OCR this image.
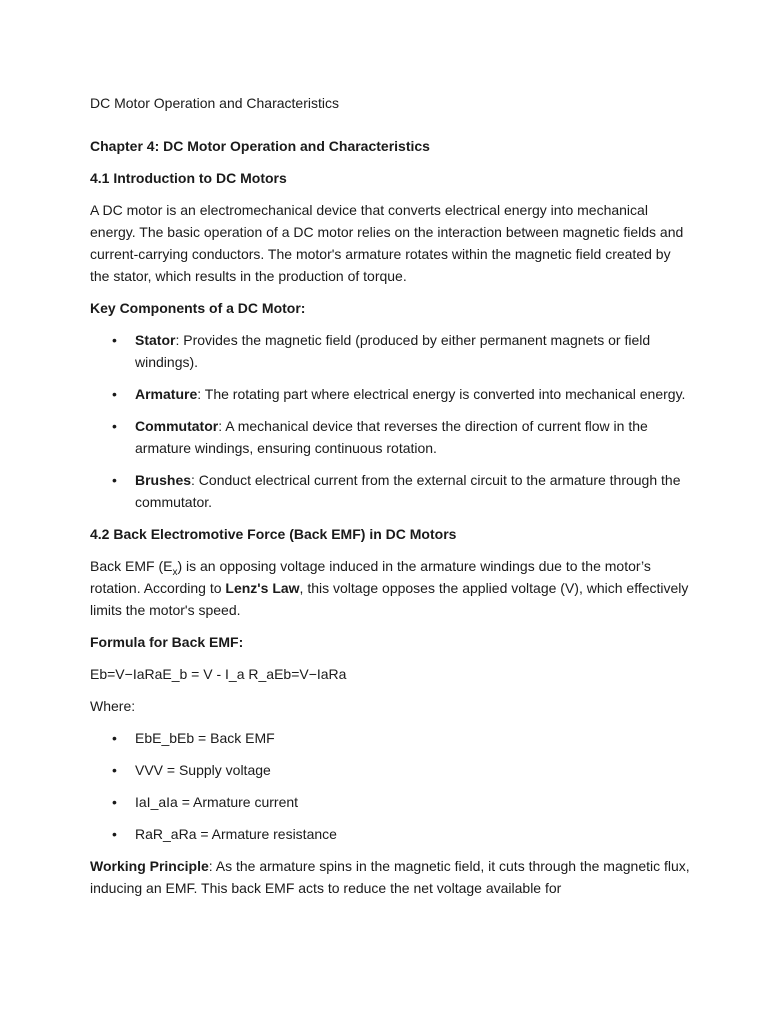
DC Motor Operation and Characteristics

Chapter 4: DC Motor Operation and Characteristics

4.1 Introduction to DC Motors

A DC motor is an electromechanical device that converts electrical energy into mechanical energy. The basic operation of a DC motor relies on the interaction between magnetic fields and current-carrying conductors. The motor's armature rotates within the magnetic field created by the stator, which results in the production of torque.

Key Components of a DC Motor:

• Stator: Provides the magnetic field (produced by either permanent magnets or field windings).
• Armature: The rotating part where electrical energy is converted into mechanical energy.
• Commutator: A mechanical device that reverses the direction of current flow in the armature windings, ensuring continuous rotation.
• Brushes: Conduct electrical current from the external circuit to the armature through the commutator.

4.2 Back Electromotive Force (Back EMF) in DC Motors

Back EMF $(E_x)$ is an opposing voltage induced in the armature windings due to the motor’s rotation. According to Lenz's Law, this voltage opposes the applied voltage (V), which effectively limits the motor's speed.

Formula for Back EMF:

Eb=V−IaRaE_b = V - I_a R_aEb=V−IaRa

Where:

• EbE_bEb = Back EMF
• VVV = Supply voltage
• IaI_aIa = Armature current
• RaR_aRa = Armature resistance

Working Principle: As the armature spins in the magnetic field, it cuts through the magnetic flux, inducing an EMF. This back EMF acts to reduce the net voltage available for
